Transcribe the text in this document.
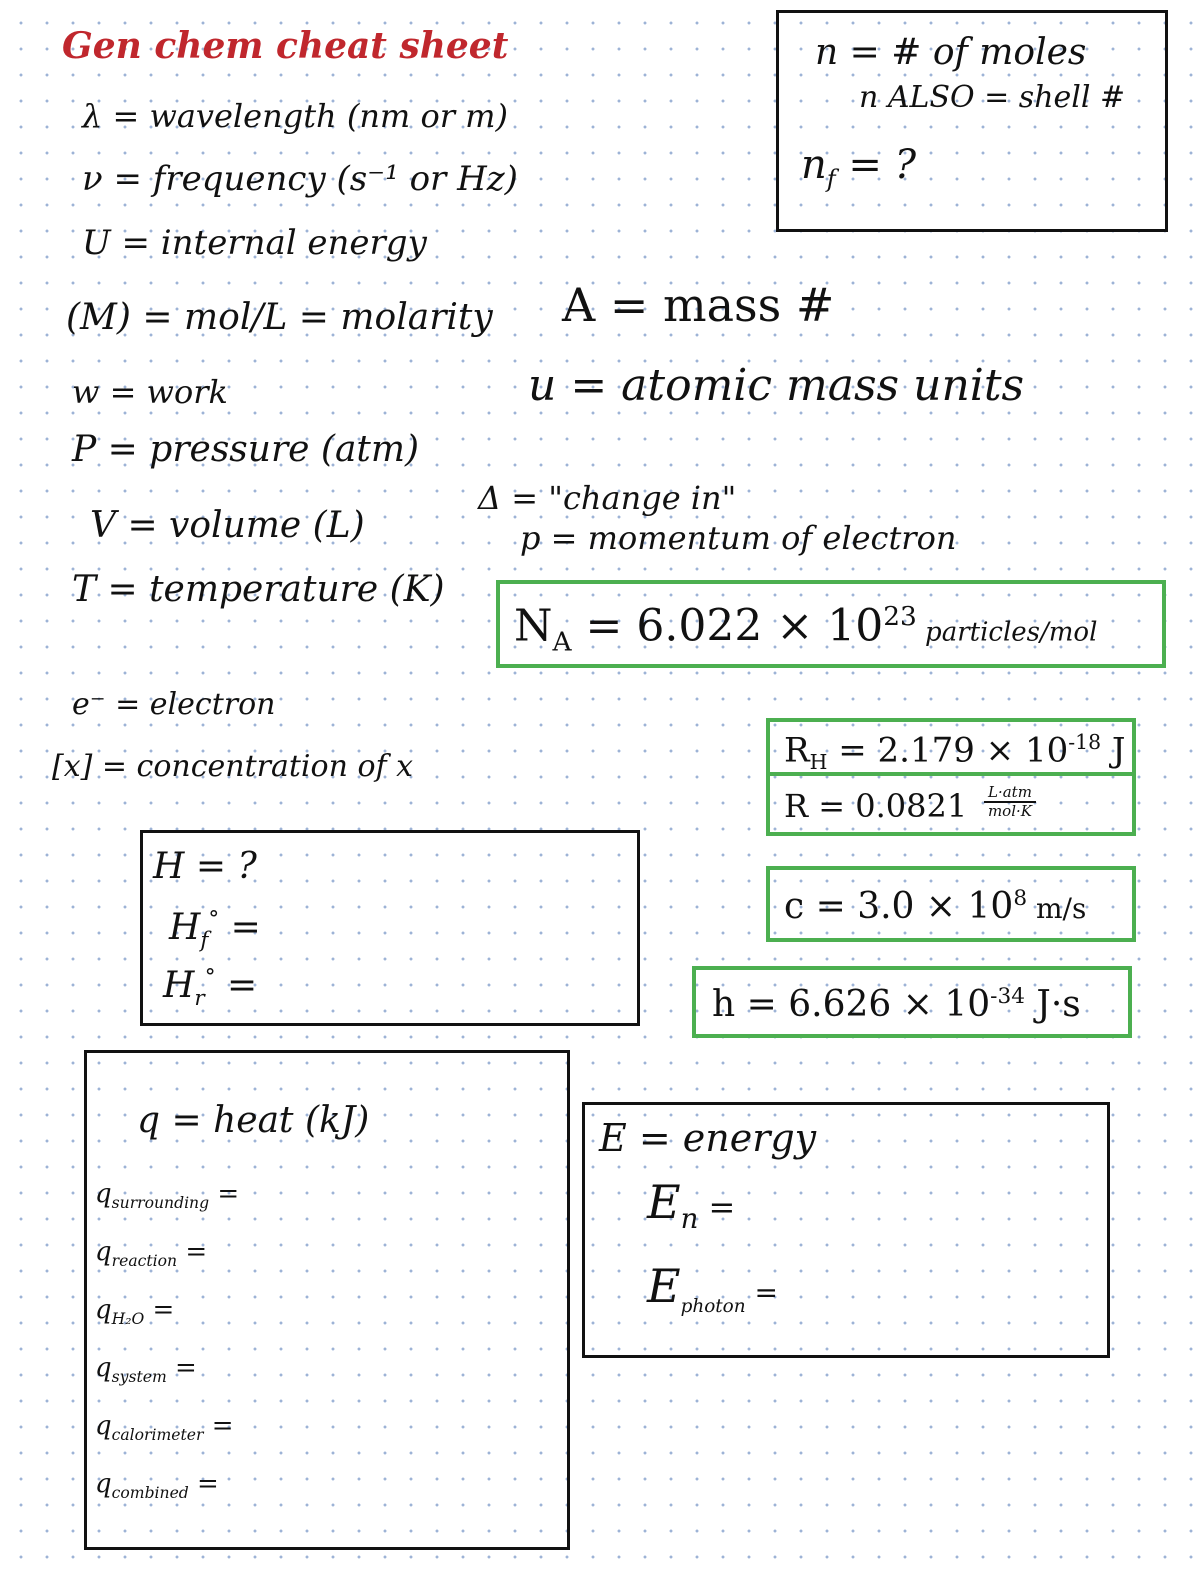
Gen chem cheat sheet
λ = wavelength (nm or m)
ν = frequency (s⁻¹ or Hz)
U = internal energy
(M) = mol/L = molarity
w = work
P = pressure (atm)
V = volume (L)
T = temperature (K)
e⁻ = electron
[x] = concentration of x
A = mass #
u = atomic mass units
Δ = "change in"
p = momentum of electron
n = # of moles
n ALSO = shell #
$n_f$ = ?
$N_A = 6.022 \times 10^{23}$ particles/mol
$R_H = 2.179 \times 10^{-18}$ J
R = 0.0821 L·atm
mol·K
$c = 3.0 \times 10^8$ m/s
$h = 6.626 \times 10^{-34}$ J·s
H = ?
$H_f^\circ$ =
$H_r^\circ$ =
q = heat (kJ)
$q_{surrounding}$ =
$q_{reaction}$ =
$q_{H_2O}$ =
$q_{system}$ =
$q_{calorimeter}$ =
$q_{combined}$ =
E = energy
$E_n$ =
$E_{photon}$ =
